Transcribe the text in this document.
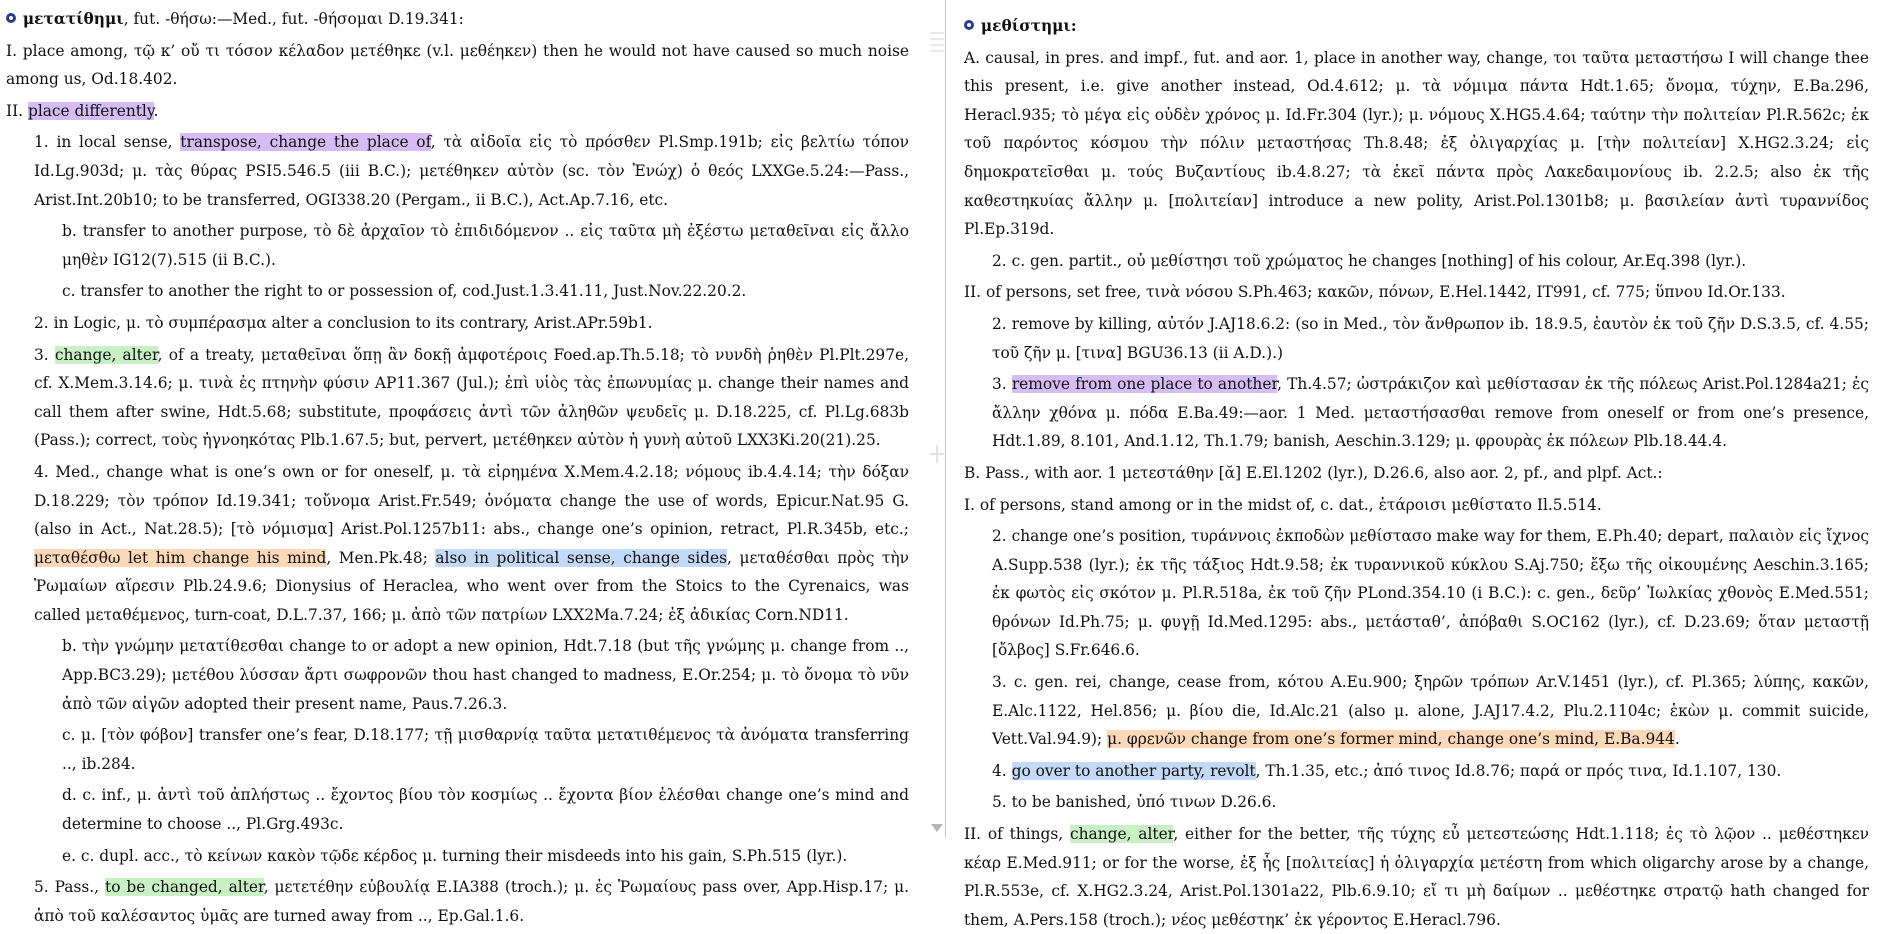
μετατίθημι, fut. -θήσω:—Med., fut. -θήσομαι D.19.341:

I. place among, τῷ κ’ οὔ τι τόσον κέλαδον μετέθηκε (v.l. μεθέηκεν) then he would not have caused so much noise among us, Od.18.402.

II. place differently.

1. in local sense, transpose, change the place of, τὰ αἰδοῖα εἰς τὸ πρόσθεν Pl.Smp.191b; εἰς βελτίω τόπον Id.Lg.903d; μ. τὰς θύρας PSI5.546.5 (iii B.C.); μετέθηκεν αὐτὸν (sc. τὸν Ἐνώχ) ὁ θεός LXXGe.5.24:—Pass., Arist.Int.20b10; to be transferred, OGI338.20 (Pergam., ii B.C.), Act.Ap.7.16, etc.

b. transfer to another purpose, τὸ δὲ ἀρχαῖον τὸ ἐπιδιδόμενον .. εἰς ταῦτα μὴ ἐξέστω μεταθεῖναι εἰς ἄλλο μηθὲν IG12(7).515 (ii B.C.).

c. transfer to another the right to or possession of, cod.Just.1.3.41.11, Just.Nov.22.20.2.

2. in Logic, μ. τὸ συμπέρασμα alter a conclusion to its contrary, Arist.APr.59b1.

3. change, alter, of a treaty, μεταθεῖναι ὅπῃ ἂν δοκῇ ἀμφοτέροις Foed.ap.Th.5.18; τὸ νυνδὴ ῥηθὲν Pl.Plt.297e, cf. X.Mem.3.14.6; μ. τινὰ ἐς πτηνὴν φύσιν AP11.367 (Jul.); ἐπὶ υἱὸς τὰς ἐπωνυμίας μ. change their names and call them after swine, Hdt.5.68; substitute, προφάσεις ἀντὶ τῶν ἀληθῶν ψευδεῖς μ. D.18.225, cf. Pl.Lg.683b (Pass.); correct, τοὺς ἠγνοηκότας Plb.1.67.5; but, pervert, μετέθηκεν αὐτὸν ἡ γυνὴ αὐτοῦ LXX3Ki.20(21).25.

4. Med., change what is one’s own or for oneself, μ. τὰ εἰρημένα X.Mem.4.2.18; νόμους ib.4.4.14; τὴν δόξαν D.18.229; τὸν τρόπον Id.19.341; τοὔνομα Arist.Fr.549; ὀνόματα change the use of words, Epicur.Nat.95 G. (also in Act., Nat.28.5); [τὸ νόμισμα] Arist.Pol.1257b11: abs., change one’s opinion, retract, Pl.R.345b, etc.; μεταθέσθω let him change his mind, Men.Pk.48; also in political sense, change sides, μεταθέσθαι πρὸς τὴν Ῥωμαίων αἵρεσιν Plb.24.9.6; Dionysius of Heraclea, who went over from the Stoics to the Cyrenaics, was called μεταθέμενος, turn-coat, D.L.7.37, 166; μ. ἀπὸ τῶν πατρίων LXX2Ma.7.24; ἐξ ἀδικίας Corn.ND11.

b. τὴν γνώμην μετατίθεσθαι change to or adopt a new opinion, Hdt.7.18 (but τῆς γνώμης μ. change from .., App.BC3.29); μετέθου λύσσαν ἄρτι σωφρονῶν thou hast changed to madness, E.Or.254; μ. τὸ ὄνομα τὸ νῦν ἀπὸ τῶν αἰγῶν adopted their present name, Paus.7.26.3.

c. μ. [τὸν φόβον] transfer one’s fear, D.18.177; τῇ μισθαρνίᾳ ταῦτα μετατιθέμενος τὰ ἀνόματα transferring .., ib.284.

d. c. inf., μ. ἀντὶ τοῦ ἀπλήστως .. ἔχοντος βίου τὸν κοσμίως .. ἔχοντα βίον ἑλέσθαι change one’s mind and determine to choose .., Pl.Grg.493c.

e. c. dupl. acc., τὸ κείνων κακὸν τῷδε κέρδος μ. turning their misdeeds into his gain, S.Ph.515 (lyr.).

5. Pass., to be changed, alter, μετετέθην εὐβουλίᾳ E.IA388 (troch.); μ. ἐς Ῥωμαίους pass over, App.Hisp.17; μ. ἀπὸ τοῦ καλέσαντος ὑμᾶς are turned away from .., Ep.Gal.1.6.

μεθίστημι:

A. causal, in pres. and impf., fut. and aor. 1, place in another way, change, τοι ταῦτα μεταστήσω I will change thee this present, i.e. give another instead, Od.4.612; μ. τὰ νόμιμα πάντα Hdt.1.65; ὄνομα, τύχην, E.Ba.296, Heracl.935; τὸ μέγα εἰς οὐδὲν χρόνος μ. Id.Fr.304 (lyr.); μ. νόμους X.HG5.4.64; ταύτην τὴν πολιτείαν Pl.R.562c; ἐκ τοῦ παρόντος κόσμου τὴν πόλιν μεταστήσας Th.8.48; ἐξ ὀλιγαρχίας μ. [τὴν πολιτείαν] X.HG2.3.24; εἰς δημοκρατεῖσθαι μ. τούς Βυζαντίους ib.4.8.27; τὰ ἐκεῖ πάντα πρὸς Λακεδαιμονίους ib. 2.2.5; also ἐκ τῆς καθεστηκυίας ἄλλην μ. [πολιτείαν] introduce a new polity, Arist.Pol.1301b8; μ. βασιλείαν ἀντὶ τυραννίδος Pl.Ep.319d.

2. c. gen. partit., οὐ μεθίστησι τοῦ χρώματος he changes [nothing] of his colour, Ar.Eq.398 (lyr.).

II. of persons, set free, τινὰ νόσου S.Ph.463; κακῶν, πόνων, E.Hel.1442, IT991, cf. 775; ὕπνου Id.Or.133.

2. remove by killing, αὐτόν J.AJ18.6.2: (so in Med., τὸν ἄνθρωπον ib. 18.9.5, ἑαυτὸν ἐκ τοῦ ζῆν D.S.3.5, cf. 4.55; τοῦ ζῆν μ. [τινα] BGU36.13 (ii A.D.).)

3. remove from one place to another, Th.4.57; ὠστράκιζον καὶ μεθίστασαν ἐκ τῆς πόλεως Arist.Pol.1284a21; ἐς ἄλλην χθόνα μ. πόδα E.Ba.49:—aor. 1 Med. μεταστήσασθαι remove from oneself or from one’s presence, Hdt.1.89, 8.101, And.1.12, Th.1.79; banish, Aeschin.3.129; μ. φρουρὰς ἐκ πόλεων Plb.18.44.4.

B. Pass., with aor. 1 μετεστάθην [ᾰ] E.El.1202 (lyr.), D.26.6, also aor. 2, pf., and plpf. Act.:

I. of persons, stand among or in the midst of, c. dat., ἑτάροισι μεθίστατο Il.5.514.

2. change one’s position, τυράννοις ἐκποδὼν μεθίστασο make way for them, E.Ph.40; depart, παλαιὸν εἰς ἴχνος A.Supp.538 (lyr.); ἐκ τῆς τάξιος Hdt.9.58; ἐκ τυραννικοῦ κύκλου S.Aj.750; ἔξω τῆς οἰκουμένης Aeschin.3.165; ἐκ φωτὸς εἰς σκότον μ. Pl.R.518a, ἐκ τοῦ ζῆν PLond.354.10 (i B.C.): c. gen., δεῦρ’ Ἰωλκίας χθονὸς E.Med.551; θρόνων Id.Ph.75; μ. φυγῇ Id.Med.1295: abs., μετάσταθ’, ἀπόβαθι S.OC162 (lyr.), cf. D.23.69; ὅταν μεταστῇ [ὄλβος] S.Fr.646.6.

3. c. gen. rei, change, cease from, κότου A.Eu.900; ξηρῶν τρόπων Ar.V.1451 (lyr.), cf. Pl.365; λύπης, κακῶν, E.Alc.1122, Hel.856; μ. βίου die, Id.Alc.21 (also μ. alone, J.AJ17.4.2, Plu.2.1104c; ἑκὼν μ. commit suicide, Vett.Val.94.9); μ. φρενῶν change from one’s former mind, change one’s mind, E.Ba.944.

4. go over to another party, revolt, Th.1.35, etc.; ἀπό τινος Id.8.76; παρά or πρός τινα, Id.1.107, 130.

5. to be banished, ὑπό τινων D.26.6.

II. of things, change, alter, either for the better, τῆς τύχης εὖ μετεστεώσης Hdt.1.118; ἐς τὸ λῷον .. μεθέστηκεν κέαρ E.Med.911; or for the worse, ἐξ ἧς [πολιτείας] ἡ ὀλιγαρχία μετέστη from which oligarchy arose by a change, Pl.R.553e, cf. X.HG2.3.24, Arist.Pol.1301a22, Plb.6.9.10; εἴ τι μὴ δαίμων .. μεθέστηκε στρατῷ hath changed for them, A.Pers.158 (troch.); νέος μεθέστηκ’ ἐκ γέροντος E.Heracl.796.
